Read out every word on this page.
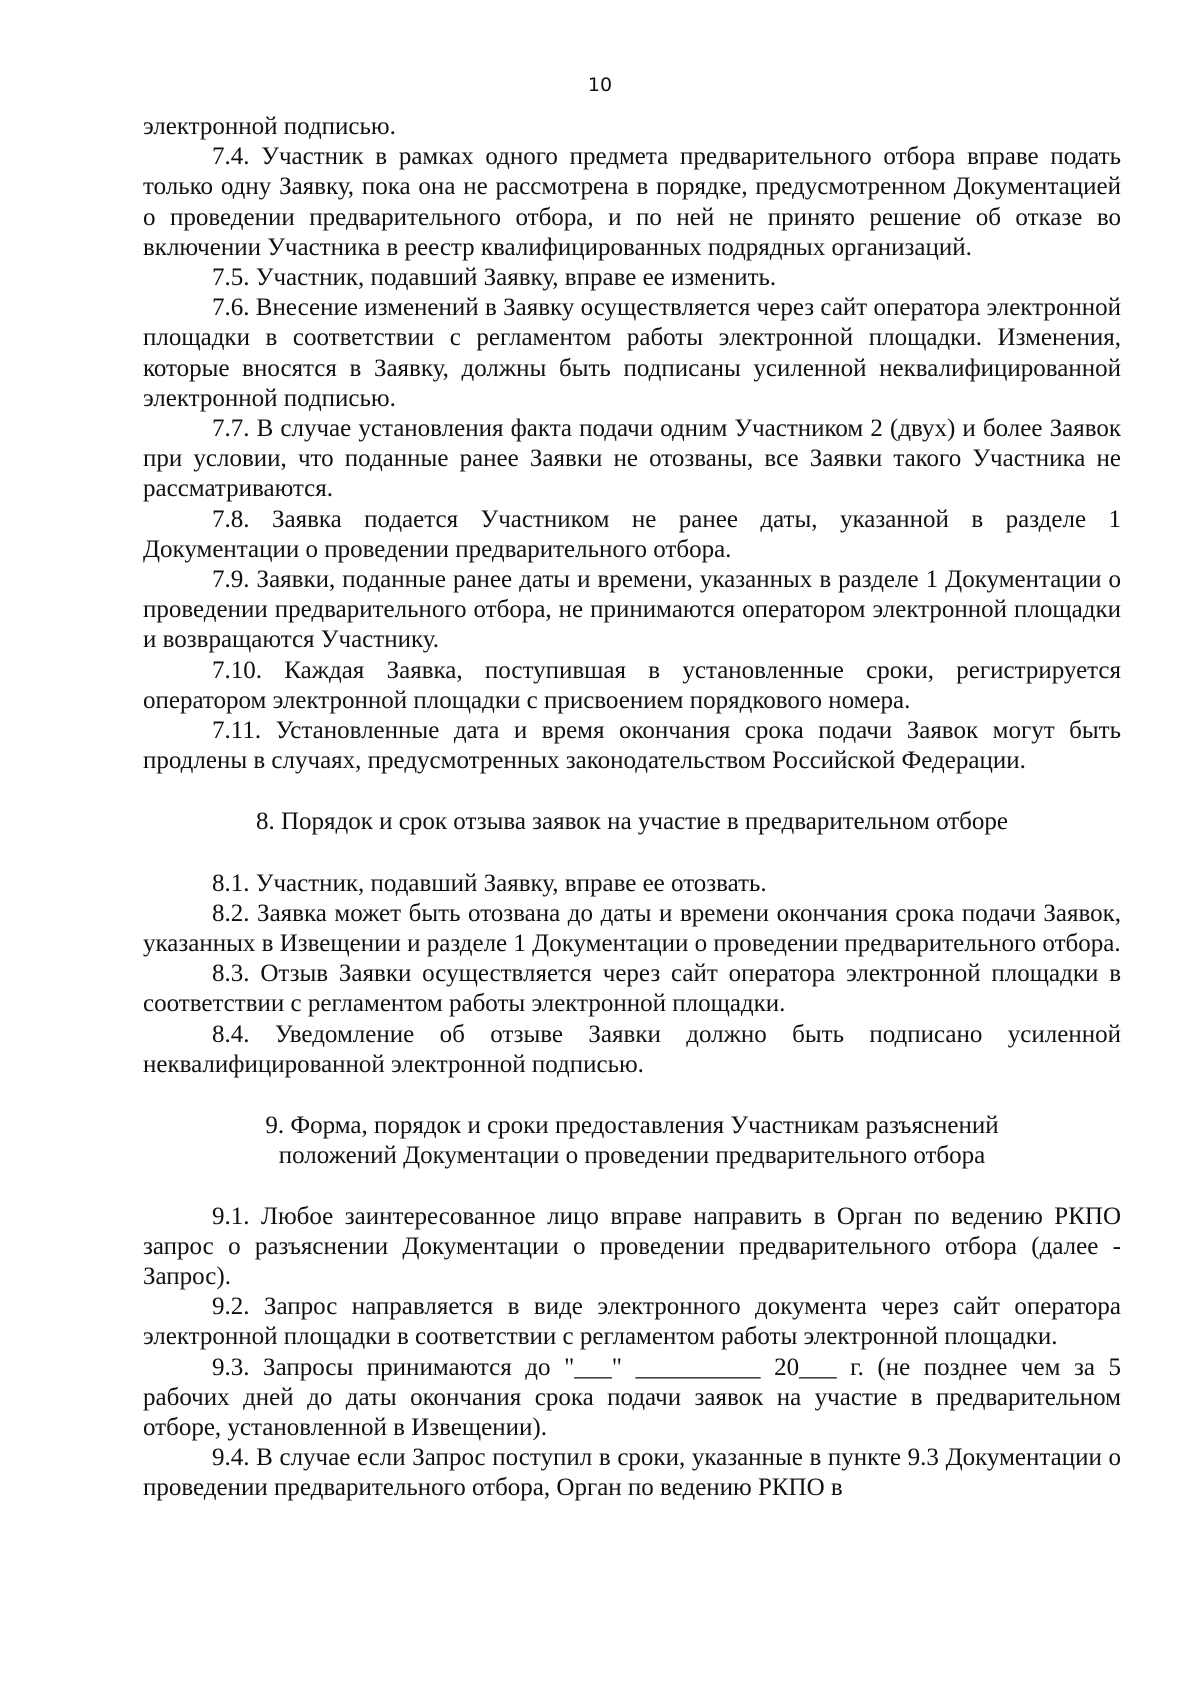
10

электронной подписью.

7.4. Участник в рамках одного предмета предварительного отбора вправе подать только одну Заявку, пока она не рассмотрена в порядке, предусмотренном Документацией о проведении предварительного отбора, и по ней не принято решение об отказе во включении Участника в реестр квалифицированных подрядных организаций.

7.5. Участник, подавший Заявку, вправе ее изменить.

7.6. Внесение изменений в Заявку осуществляется через сайт оператора электронной площадки в соответствии с регламентом работы электронной площадки. Изменения, которые вносятся в Заявку, должны быть подписаны усиленной неквалифицированной электронной подписью.

7.7. В случае установления факта подачи одним Участником 2 (двух) и более Заявок при условии, что поданные ранее Заявки не отозваны, все Заявки такого Участника не рассматриваются.

7.8. Заявка подается Участником не ранее даты, указанной в разделе 1 Документации о проведении предварительного отбора.

7.9. Заявки, поданные ранее даты и времени, указанных в разделе 1 Документации о проведении предварительного отбора, не принимаются оператором электронной площадки и возвращаются Участнику.

7.10. Каждая Заявка, поступившая в установленные сроки, регистрируется оператором электронной площадки с присвоением порядкового номера.

7.11. Установленные дата и время окончания срока подачи Заявок могут быть продлены в случаях, предусмотренных законодательством Российской Федерации.

8. Порядок и срок отзыва заявок на участие в предварительном отборе

8.1. Участник, подавший Заявку, вправе ее отозвать.

8.2. Заявка может быть отозвана до даты и времени окончания срока подачи Заявок, указанных в Извещении и разделе 1 Документации о проведении предварительного отбора.

8.3. Отзыв Заявки осуществляется через сайт оператора электронной площадки в соответствии с регламентом работы электронной площадки.

8.4. Уведомление об отзыве Заявки должно быть подписано усиленной неквалифицированной электронной подписью.

9. Форма, порядок и сроки предоставления Участникам разъяснений
положений Документации о проведении предварительного отбора

9.1. Любое заинтересованное лицо вправе направить в Орган по ведению РКПО запрос о разъяснении Документации о проведении предварительного отбора (далее - Запрос).

9.2. Запрос направляется в виде электронного документа через сайт оператора электронной площадки в соответствии с регламентом работы электронной площадки.

9.3. Запросы принимаются до "___" __________ 20___ г. (не позднее чем за 5 рабочих дней до даты окончания срока подачи заявок на участие в предварительном отборе, установленной в Извещении).

9.4. В случае если Запрос поступил в сроки, указанные в пункте 9.3 Документации о проведении предварительного отбора, Орган по ведению РКПО в
